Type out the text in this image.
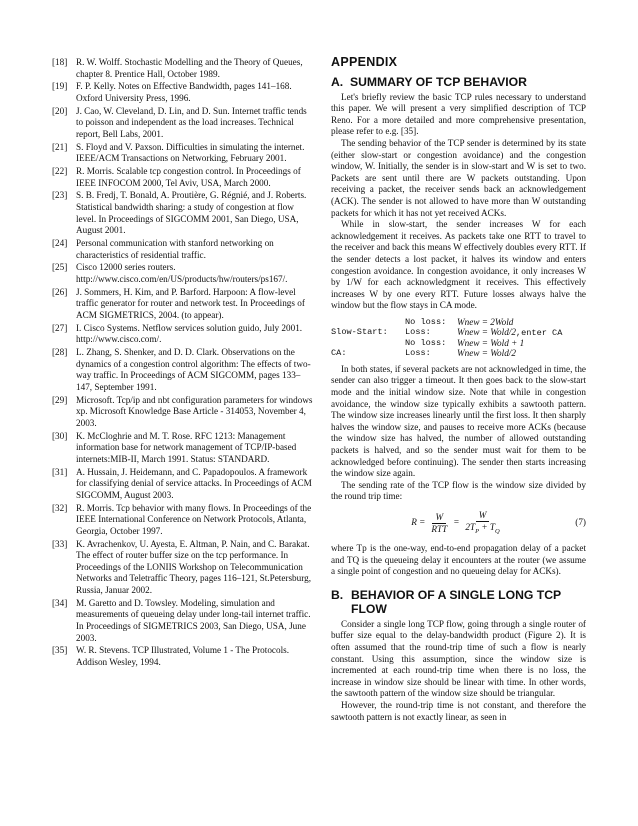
[18] R. W. Wolff. Stochastic Modelling and the Theory of Queues, chapter 8. Prentice Hall, October 1989.
[19] F. P. Kelly. Notes on Effective Bandwidth, pages 141–168. Oxford University Press, 1996.
[20] J. Cao, W. Cleveland, D. Lin, and D. Sun. Internet traffic tends to poisson and independent as the load increases. Technical report, Bell Labs, 2001.
[21] S. Floyd and V. Paxson. Difficulties in simulating the internet. IEEE/ACM Transactions on Networking, February 2001.
[22] R. Morris. Scalable tcp congestion control. In Proceedings of IEEE INFOCOM 2000, Tel Aviv, USA, March 2000.
[23] S. B. Fredj, T. Bonald, A. Proutière, G. Régnié, and J. Roberts. Statistical bandwidth sharing: a study of congestion at flow level. In Proceedings of SIGCOMM 2001, San Diego, USA, August 2001.
[24] Personal communication with stanford networking on characteristics of residential traffic.
[25] Cisco 12000 series routers. http://www.cisco.com/en/US/products/hw/routers/ps167/.
[26] J. Sommers, H. Kim, and P. Barford. Harpoon: A flow-level traffic generator for router and network test. In Proceedings of ACM SIGMETRICS, 2004. (to appear).
[27] I. Cisco Systems. Netflow services solution guido, July 2001. http://www.cisco.com/.
[28] L. Zhang, S. Shenker, and D. D. Clark. Observations on the dynamics of a congestion control algorithm: The effects of two-way traffic. In Proceedings of ACM SIGCOMM, pages 133–147, September 1991.
[29] Microsoft. Tcp/ip and nbt configuration parameters for windows xp. Microsoft Knowledge Base Article - 314053, November 4, 2003.
[30] K. McCloghrie and M. T. Rose. RFC 1213: Management information base for network management of TCP/IP-based internets:MIB-II, March 1991. Status: STANDARD.
[31] A. Hussain, J. Heidemann, and C. Papadopoulos. A framework for classifying denial of service attacks. In Proceedings of ACM SIGCOMM, August 2003.
[32] R. Morris. Tcp behavior with many flows. In Proceedings of the IEEE International Conference on Network Protocols, Atlanta, Georgia, October 1997.
[33] K. Avrachenkov, U. Ayesta, E. Altman, P. Nain, and C. Barakat. The effect of router buffer size on the tcp performance. In Proceedings of the LONIIS Workshop on Telecommunication Networks and Teletraffic Theory, pages 116–121, St.Petersburg, Russia, Januar 2002.
[34] M. Garetto and D. Towsley. Modeling, simulation and measurements of queueing delay under long-tail internet traffic. In Proceedings of SIGMETRICS 2003, San Diego, USA, June 2003.
[35] W. R. Stevens. TCP Illustrated, Volume 1 - The Protocols. Addison Wesley, 1994.
APPENDIX
A. SUMMARY OF TCP BEHAVIOR

Let's briefly review the basic TCP rules necessary to understand this paper. We will present a very simplified description of TCP Reno. For a more detailed and more comprehensive presentation, please refer to e.g. [35].

The sending behavior of the TCP sender is determined by its state (either slow-start or congestion avoidance) and the congestion window, W. Initially, the sender is in slow-start and W is set to two. Packets are sent until there are W packets outstanding. Upon receiving a packet, the receiver sends back an acknowledgement (ACK). The sender is not allowed to have more than W outstanding packets for which it has not yet received ACKs.

While in slow-start, the sender increases W for each acknowledgement it receives. As packets take one RTT to travel to the receiver and back this means W effectively doubles every RTT. If the sender detects a lost packet, it halves its window and enters congestion avoidance. In congestion avoidance, it only increases W by 1/W for each acknowledgment it receives. This effectively increases W by one every RTT. Future losses always halve the window but the flow stays in CA mode.

No loss:	Wnew = 2Wold
Slow-Start:	Loss:	Wnew = Wold/2,enter CA
No loss:	Wnew = Wold + 1
CA:	Loss:	Wnew = Wold/2

In both states, if several packets are not acknowledged in time, the sender can also trigger a timeout. It then goes back to the slow-start mode and the initial window size. Note that while in congestion avoidance, the window size typically exhibits a sawtooth pattern. The window size increases linearly until the first loss. It then sharply halves the window size, and pauses to receive more ACKs (because the window size has halved, the number of allowed outstanding packets is halved, and so the sender must wait for them to be acknowledged before continuing). The sender then starts increasing the window size again.

The sending rate of the TCP flow is the window size divided by the round trip time:

$R = \frac{W}{\text{RTT}} = \frac{W}{2T_P + T_Q}$	(7)

where Tp is the one-way, end-to-end propagation delay of a packet and TQ is the queueing delay it encounters at the router (we assume a single point of congestion and no queueing delay for ACKs).

B. BEHAVIOR OF A SINGLE LONG TCP FLOW

Consider a single long TCP flow, going through a single router of buffer size equal to the delay-bandwidth product (Figure 2). It is often assumed that the round-trip time of such a flow is nearly constant. Using this assumption, since the window size is incremented at each round-trip time when there is no loss, the increase in window size should be linear with time. In other words, the sawtooth pattern of the window size should be triangular.

However, the round-trip time is not constant, and therefore the sawtooth pattern is not exactly linear, as seen in
